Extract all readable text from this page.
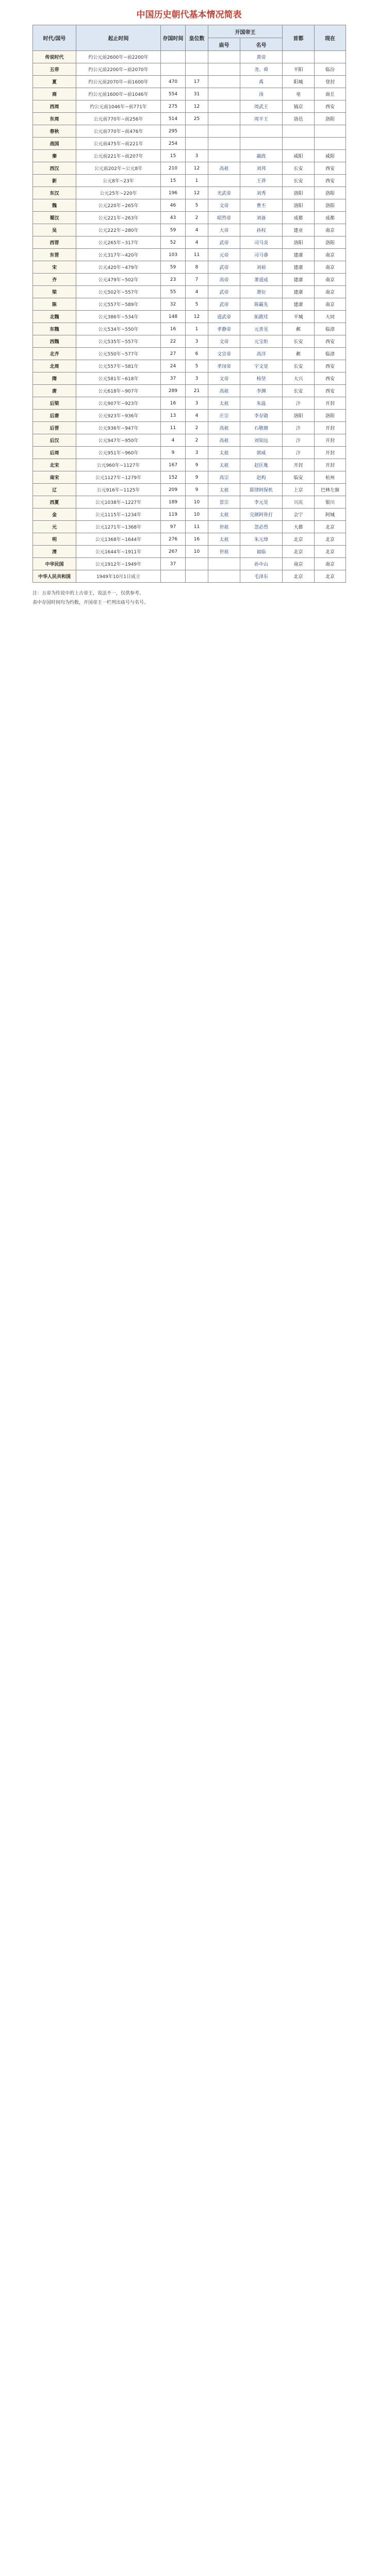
中国历史朝代基本情况简表
时代/国号	起止时间	存国时间	皇位数	开国帝王		首都	现在
				庙号	名号		
传说时代	约公元前2600年~前2200年				黄帝		
五帝	约公元前2200年~前2070年				尧、舜	平阳	临汾
夏	约公元前2070年~前1600年	470	17		禹	阳城	登封
商	约公元前1600年~前1046年	554	31		汤	亳	商丘
西周	约公元前1046年~前771年	275	12		周武王	镐京	西安
东周	公元前770年~前256年	514	25		周平王	洛邑	洛阳
春秋	公元前770年~前476年	295					
战国	公元前475年~前221年	254					
秦	公元前221年~前207年	15	3		嬴政	咸阳	咸阳
西汉	公元前202年~公元8年	210	12	高祖	刘邦	长安	西安
新	公元8年~23年	15	1		王莽	长安	西安
东汉	公元25年~220年	196	12	光武帝	刘秀	洛阳	洛阳
魏	公元220年~265年	46	5	文帝	曹丕	洛阳	洛阳
蜀汉	公元221年~263年	43	2	昭烈帝	刘备	成都	成都
吴	公元222年~280年	59	4	大帝	孙权	建业	南京
西晋	公元265年~317年	52	4	武帝	司马炎	洛阳	洛阳
东晋	公元317年~420年	103	11	元帝	司马睿	建康	南京
宋	公元420年~479年	59	8	武帝	刘裕	建康	南京
齐	公元479年~502年	23	7	高帝	萧道成	建康	南京
梁	公元502年~557年	55	4	武帝	萧衍	建康	南京
陈	公元557年~589年	32	5	武帝	陈霸先	建康	南京
北魏	公元386年~534年	148	12	道武帝	拓跋珪	平城	大同
东魏	公元534年~550年	16	1	孝静帝	元善见	邺	临漳
西魏	公元535年~557年	22	3	文帝	元宝炬	长安	西安
北齐	公元550年~577年	27	6	文宣帝	高洋	邺	临漳
北周	公元557年~581年	24	5	孝闵帝	宇文觉	长安	西安
隋	公元581年~618年	37	3	文帝	杨坚	大兴	西安
唐	公元618年~907年	289	21	高祖	李渊	长安	西安
后梁	公元907年~923年	16	3	太祖	朱温	汴	开封
后唐	公元923年~936年	13	4	庄宗	李存勖	洛阳	洛阳
后晋	公元936年~947年	11	2	高祖	石敬瑭	汴	开封
后汉	公元947年~950年	4	2	高祖	刘知远	汴	开封
后周	公元951年~960年	9	3	太祖	郭威	汴	开封
北宋	公元960年~1127年	167	9	太祖	赵匡胤	开封	开封
南宋	公元1127年~1279年	152	9	高宗	赵构	临安	杭州
辽	公元916年~1125年	209	9	太祖	耶律阿保机	上京	巴林左旗
西夏	公元1038年~1227年	189	10	景宗	李元昊	兴庆	银川
金	公元1115年~1234年	119	10	太祖	完颜阿骨打	会宁	阿城
元	公元1271年~1368年	97	11	世祖	忽必烈	大都	北京
明	公元1368年~1644年	276	16	太祖	朱元璋	北京	北京
清	公元1644年~1911年	267	10	世祖	福临	北京	北京
中华民国	公元1912年~1949年	37			孙中山	南京	南京
中华人民共和国	1949年10月1日成立				毛泽东	北京	北京
注：五帝为传说中的上古帝王，说法不一，仅供参考。
表中存国时间均为约数，开国帝王一栏列出庙号与名号。
